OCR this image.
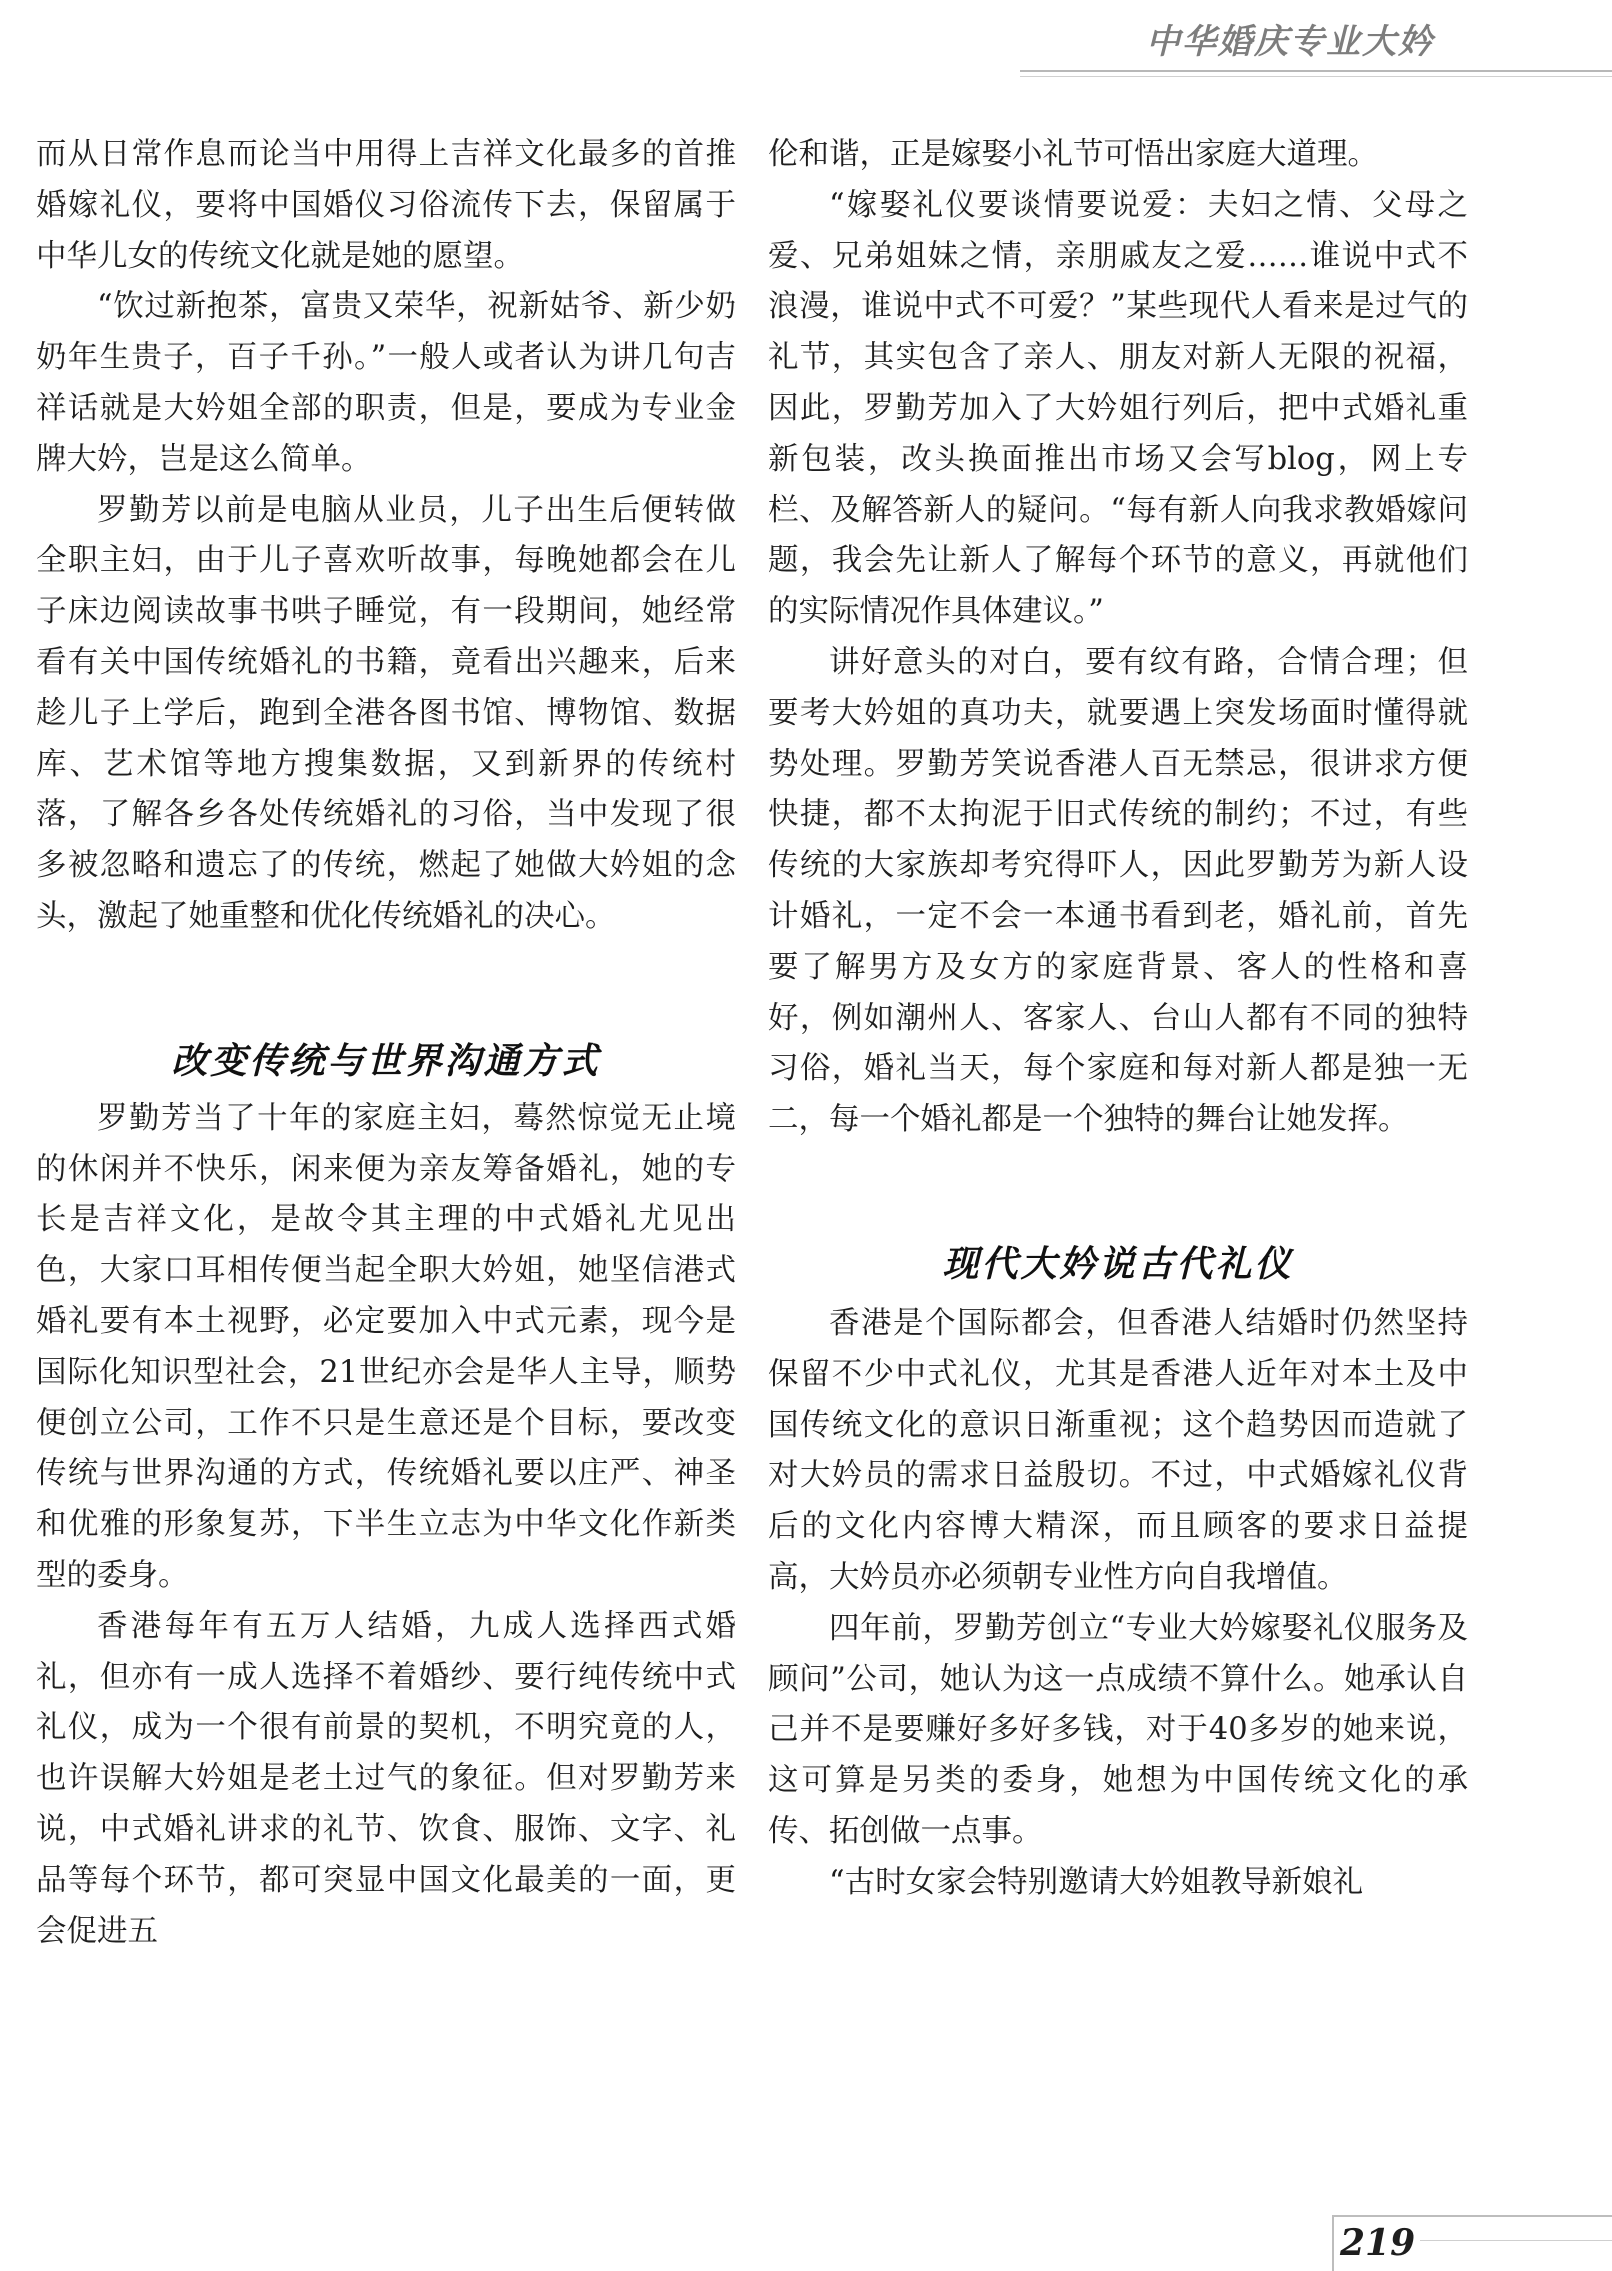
中华婚庆专业大妗

而从日常作息而论当中用得上吉祥文化最多的首推婚嫁礼仪，要将中国婚仪习俗流传下去，保留属于中华儿女的传统文化就是她的愿望。

“饮过新抱茶，富贵又荣华，祝新姑爷、新少奶奶年生贵子，百子千孙。”一般人或者认为讲几句吉祥话就是大妗姐全部的职责，但是，要成为专业金牌大妗，岂是这么简单。

罗勤芳以前是电脑从业员，儿子出生后便转做全职主妇，由于儿子喜欢听故事，每晚她都会在儿子床边阅读故事书哄子睡觉，有一段期间，她经常看有关中国传统婚礼的书籍，竟看出兴趣来，后来趁儿子上学后，跑到全港各图书馆、博物馆、数据库、艺术馆等地方搜集数据，又到新界的传统村落，了解各乡各处传统婚礼的习俗，当中发现了很多被忽略和遗忘了的传统，燃起了她做大妗姐的念头，激起了她重整和优化传统婚礼的决心。

改变传统与世界沟通方式

罗勤芳当了十年的家庭主妇，蓦然惊觉无止境的休闲并不快乐，闲来便为亲友筹备婚礼，她的专长是吉祥文化，是故令其主理的中式婚礼尤见出色，大家口耳相传便当起全职大妗姐，她坚信港式婚礼要有本土视野，必定要加入中式元素，现今是国际化知识型社会，21世纪亦会是华人主导，顺势便创立公司，工作不只是生意还是个目标，要改变传统与世界沟通的方式，传统婚礼要以庄严、神圣和优雅的形象复苏，下半生立志为中华文化作新类型的委身。

香港每年有五万人结婚，九成人选择西式婚礼，但亦有一成人选择不着婚纱、要行纯传统中式礼仪，成为一个很有前景的契机，不明究竟的人，也许误解大妗姐是老土过气的象征。但对罗勤芳来说，中式婚礼讲求的礼节、饮食、服饰、文字、礼品等每个环节，都可突显中国文化最美的一面，更会促进五

伦和谐，正是嫁娶小礼节可悟出家庭大道理。

“嫁娶礼仪要谈情要说爱：夫妇之情、父母之爱、兄弟姐妹之情，亲朋戚友之爱……谁说中式不浪漫，谁说中式不可爱？”某些现代人看来是过气的礼节，其实包含了亲人、朋友对新人无限的祝福，因此，罗勤芳加入了大妗姐行列后，把中式婚礼重新包装，改头换面推出市场又会写blog，网上专栏、及解答新人的疑问。“每有新人向我求教婚嫁问题，我会先让新人了解每个环节的意义，再就他们的实际情况作具体建议。”

讲好意头的对白，要有纹有路，合情合理；但要考大妗姐的真功夫，就要遇上突发场面时懂得就势处理。罗勤芳笑说香港人百无禁忌，很讲求方便快捷，都不太拘泥于旧式传统的制约；不过，有些传统的大家族却考究得吓人，因此罗勤芳为新人设计婚礼，一定不会一本通书看到老，婚礼前，首先要了解男方及女方的家庭背景、客人的性格和喜好，例如潮州人、客家人、台山人都有不同的独特习俗，婚礼当天，每个家庭和每对新人都是独一无二，每一个婚礼都是一个独特的舞台让她发挥。

现代大妗说古代礼仪

香港是个国际都会，但香港人结婚时仍然坚持保留不少中式礼仪，尤其是香港人近年对本土及中国传统文化的意识日渐重视；这个趋势因而造就了对大妗员的需求日益殷切。不过，中式婚嫁礼仪背后的文化内容博大精深，而且顾客的要求日益提高，大妗员亦必须朝专业性方向自我增值。

四年前，罗勤芳创立“专业大妗嫁娶礼仪服务及顾问”公司，她认为这一点成绩不算什么。她承认自己并不是要赚好多好多钱，对于40多岁的她来说，这可算是另类的委身，她想为中国传统文化的承传、拓创做一点事。

“古时女家会特别邀请大妗姐教导新娘礼

219
